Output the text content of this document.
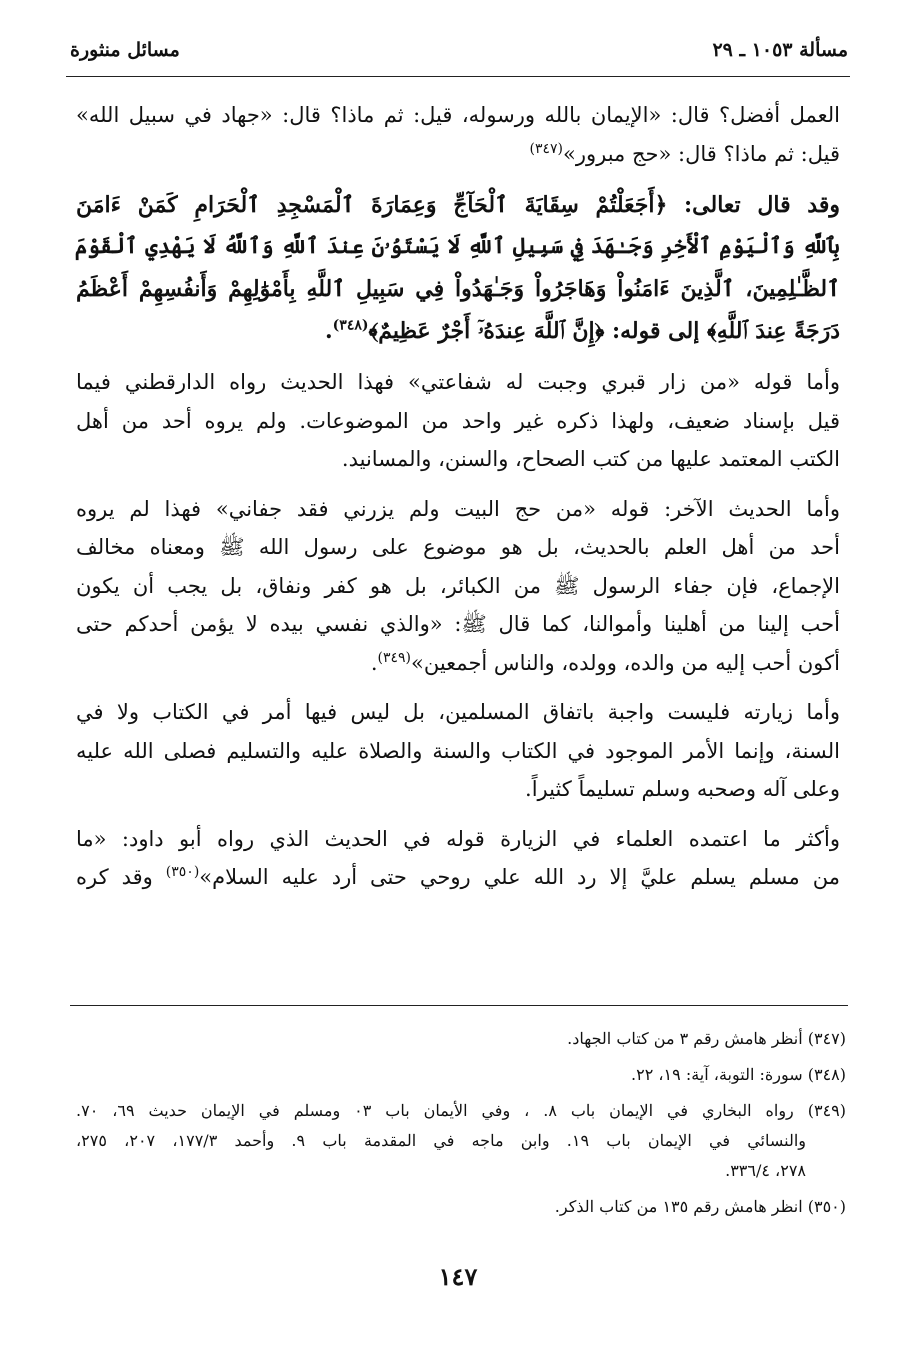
مسألة ١٠٥٣ ـ ٢٩
مسائل منثورة
العمل أفضل؟ قال: «الإيمان بالله ورسوله، قيل: ثم ماذا؟ قال: «جهاد في سبيل الله»
قيل: ثم ماذا؟ قال: «حج مبرور»$^{(٣٤٧)}$
وقد قال تعالى: ﴿أَجَعَلْتُمْ سِقَايَةَ ٱلْحَآجِّ وَعِمَارَةَ ٱلْمَسْجِدِ ٱلْحَرَامِ كَمَنْ ءَامَنَ
بِٱللَّهِ وَٱلْيَوْمِ ٱلْأَخِرِ وَجَـٰهَدَ فِي سَبِيلِ ٱللَّهِ لَا يَسْتَوُۥنَ عِندَ ٱللَّهِ وَٱللَّهُ لَا يَهْدِي ٱلْقَوْمَ
ٱلظَّـٰلِمِينَ، ٱلَّذِينَ ءَامَنُواْ وَهَاجَرُواْ وَجَـٰهَدُواْ فِي سَبِيلِ ٱللَّهِ بِأَمْوَٰلِهِمْ وَأَنفُسِهِمْ أَعْظَمُ
دَرَجَةً عِندَ ٱللَّهِ﴾ إلى قوله: ﴿إِنَّ ٱللَّهَ عِندَهُۥٓ أَجْرٌ عَظِيمٌ﴾$^{(٣٤٨)}$.
وأما قوله «من زار قبري وجبت له شفاعتي» فهذا الحديث رواه الدارقطني فيما
قيل بإسناد ضعيف، ولهذا ذكره غير واحد من الموضوعات. ولم يروه أحد من أهل
الكتب المعتمد عليها من كتب الصحاح، والسنن، والمسانيد.
وأما الحديث الآخر: قوله «من حج البيت ولم يزرني فقد جفاني» فهذا لم يروه
أحد من أهل العلم بالحديث، بل هو موضوع على رسول الله ﷺ ومعناه مخالف
الإجماع، فإن جفاء الرسول ﷺ من الكبائر، بل هو كفر ونفاق، بل يجب أن يكون
أحب إلينا من أهلينا وأموالنا، كما قال ﷺ: «والذي نفسي بيده لا يؤمن أحدكم حتى
أكون أحب إليه من والده، وولده، والناس أجمعين»$^{(٣٤٩)}$.
وأما زيارته فليست واجبة باتفاق المسلمين، بل ليس فيها أمر في الكتاب ولا في
السنة، وإنما الأمر الموجود في الكتاب والسنة والصلاة عليه والتسليم فصلى الله عليه
وعلى آله وصحبه وسلم تسليماً كثيراً.
وأكثر ما اعتمده العلماء في الزيارة قوله في الحديث الذي رواه أبو داود: «ما
من مسلم يسلم عليَّ إلا رد الله علي روحي حتى أرد عليه السلام»$^{(٣٥٠)}$ وقد كره
(٣٤٧) أنظر هامش رقم ٣ من كتاب الجهاد.
(٣٤٨) سورة: التوبة، آية: ١٩، ٢٢.
(٣٤٩) رواه البخاري في الإيمان باب ٨. ، وفي الأيمان باب ٠٣ ومسلم في الإيمان حديث ٦٩، ٧٠.
والنسائي في الإيمان باب ١٩. وابن ماجه في المقدمة باب ٩. وأحمد ١٧٧/٣، ٢٠٧، ٢٧٥،
٢٧٨، ٣٣٦/٤.
(٣٥٠) انظر هامش رقم ١٣٥ من كتاب الذكر.
١٤٧
